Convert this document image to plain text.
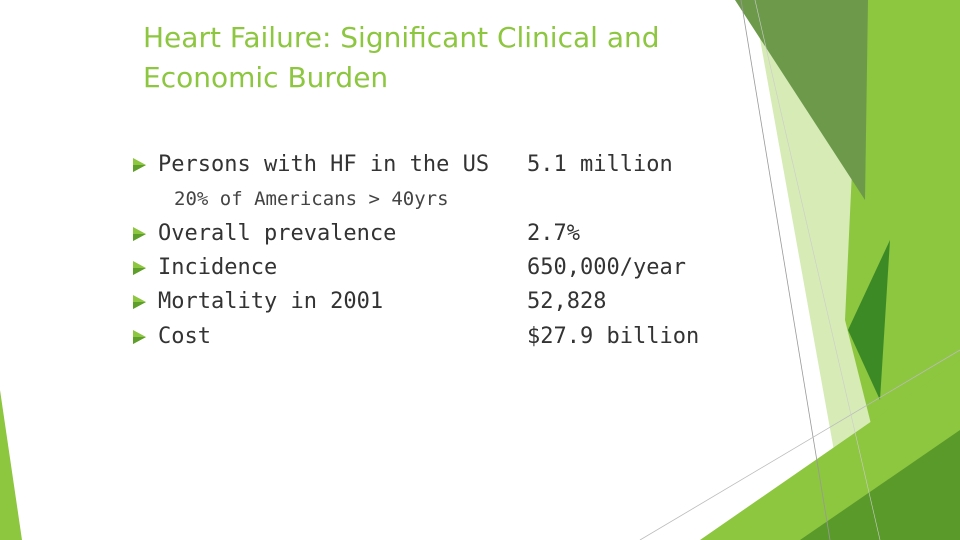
Heart Failure: Significant Clinical and Economic Burden
Persons with HF in the US 5.1 million
20% of Americans > 40yrs
Overall prevalence	2.7%
Incidence	650,000/year
Mortality in 2001	52,828
Cost	$27.9 billion
